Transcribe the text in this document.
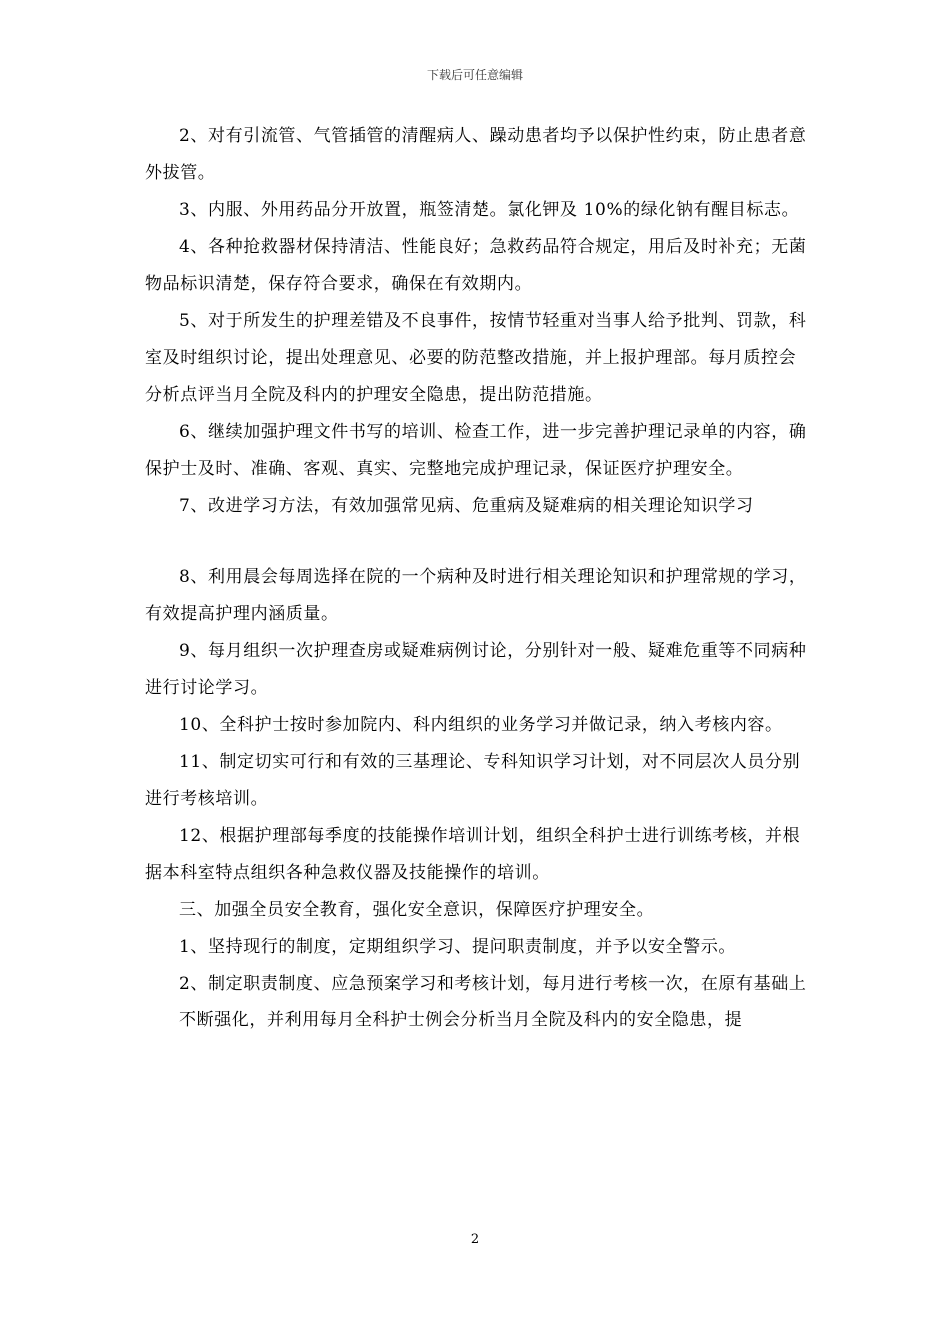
下载后可任意编辑

2、对有引流管、气管插管的清醒病人、躁动患者均予以保护性约束，防止患者意外拔管。

3、内服、外用药品分开放置，瓶签清楚。氯化钾及 10%的绿化钠有醒目标志。

4、各种抢救器材保持清洁、性能良好；急救药品符合规定，用后及时补充；无菌物品标识清楚，保存符合要求，确保在有效期内。

5、对于所发生的护理差错及不良事件，按情节轻重对当事人给予批判、罚款，科室及时组织讨论，提出处理意见、必要的防范整改措施，并上报护理部。每月质控会分析点评当月全院及科内的护理安全隐患，提出防范措施。

6、继续加强护理文件书写的培训、检查工作，进一步完善护理记录单的内容，确保护士及时、准确、客观、真实、完整地完成护理记录，保证医疗护理安全。

7、改进学习方法，有效加强常见病、危重病及疑难病的相关理论知识学习

8、利用晨会每周选择在院的一个病种及时进行相关理论知识和护理常规的学习，有效提高护理内涵质量。

9、每月组织一次护理查房或疑难病例讨论，分别针对一般、疑难危重等不同病种进行讨论学习。

10、全科护士按时参加院内、科内组织的业务学习并做记录，纳入考核内容。

11、制定切实可行和有效的三基理论、专科知识学习计划，对不同层次人员分别进行考核培训。

12、根据护理部每季度的技能操作培训计划，组织全科护士进行训练考核，并根据本科室特点组织各种急救仪器及技能操作的培训。

三、加强全员安全教育，强化安全意识，保障医疗护理安全。

1、坚持现行的制度，定期组织学习、提问职责制度，并予以安全警示。

2、制定职责制度、应急预案学习和考核计划，每月进行考核一次，在原有基础上

不断强化，并利用每月全科护士例会分析当月全院及科内的安全隐患，提

2
